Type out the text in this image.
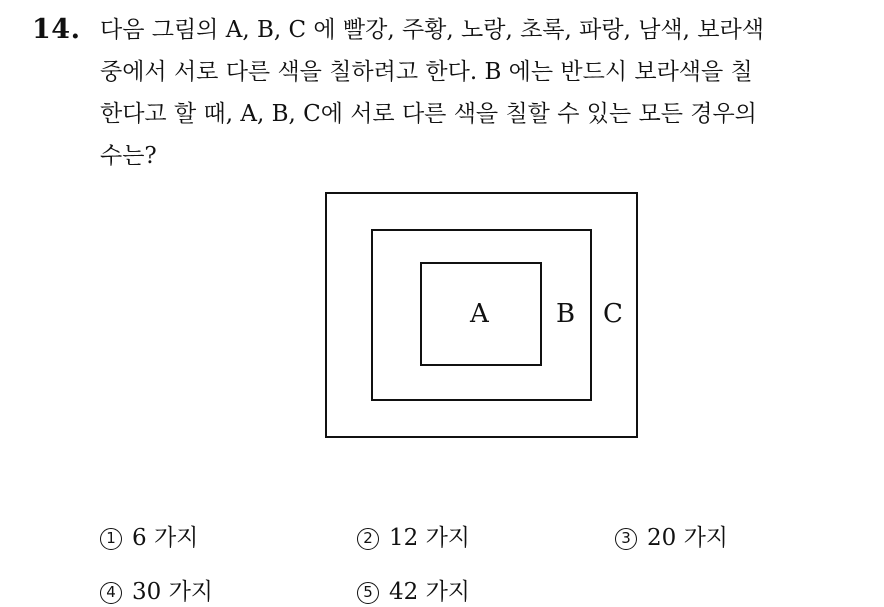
14. 다음 그림의 A, B, C 에 빨강, 주황, 노랑, 초록, 파랑, 남색, 보라색
중에서 서로 다른 색을 칠하려고 한다. B 에는 반드시 보라색을 칠
한다고 할 때, A, B, C에 서로 다른 색을 칠할 수 있는 모든 경우의
수는?
A	B C
1 6 가지	2 12 가지	3 20 가지
4 30 가지	5 42 가지
